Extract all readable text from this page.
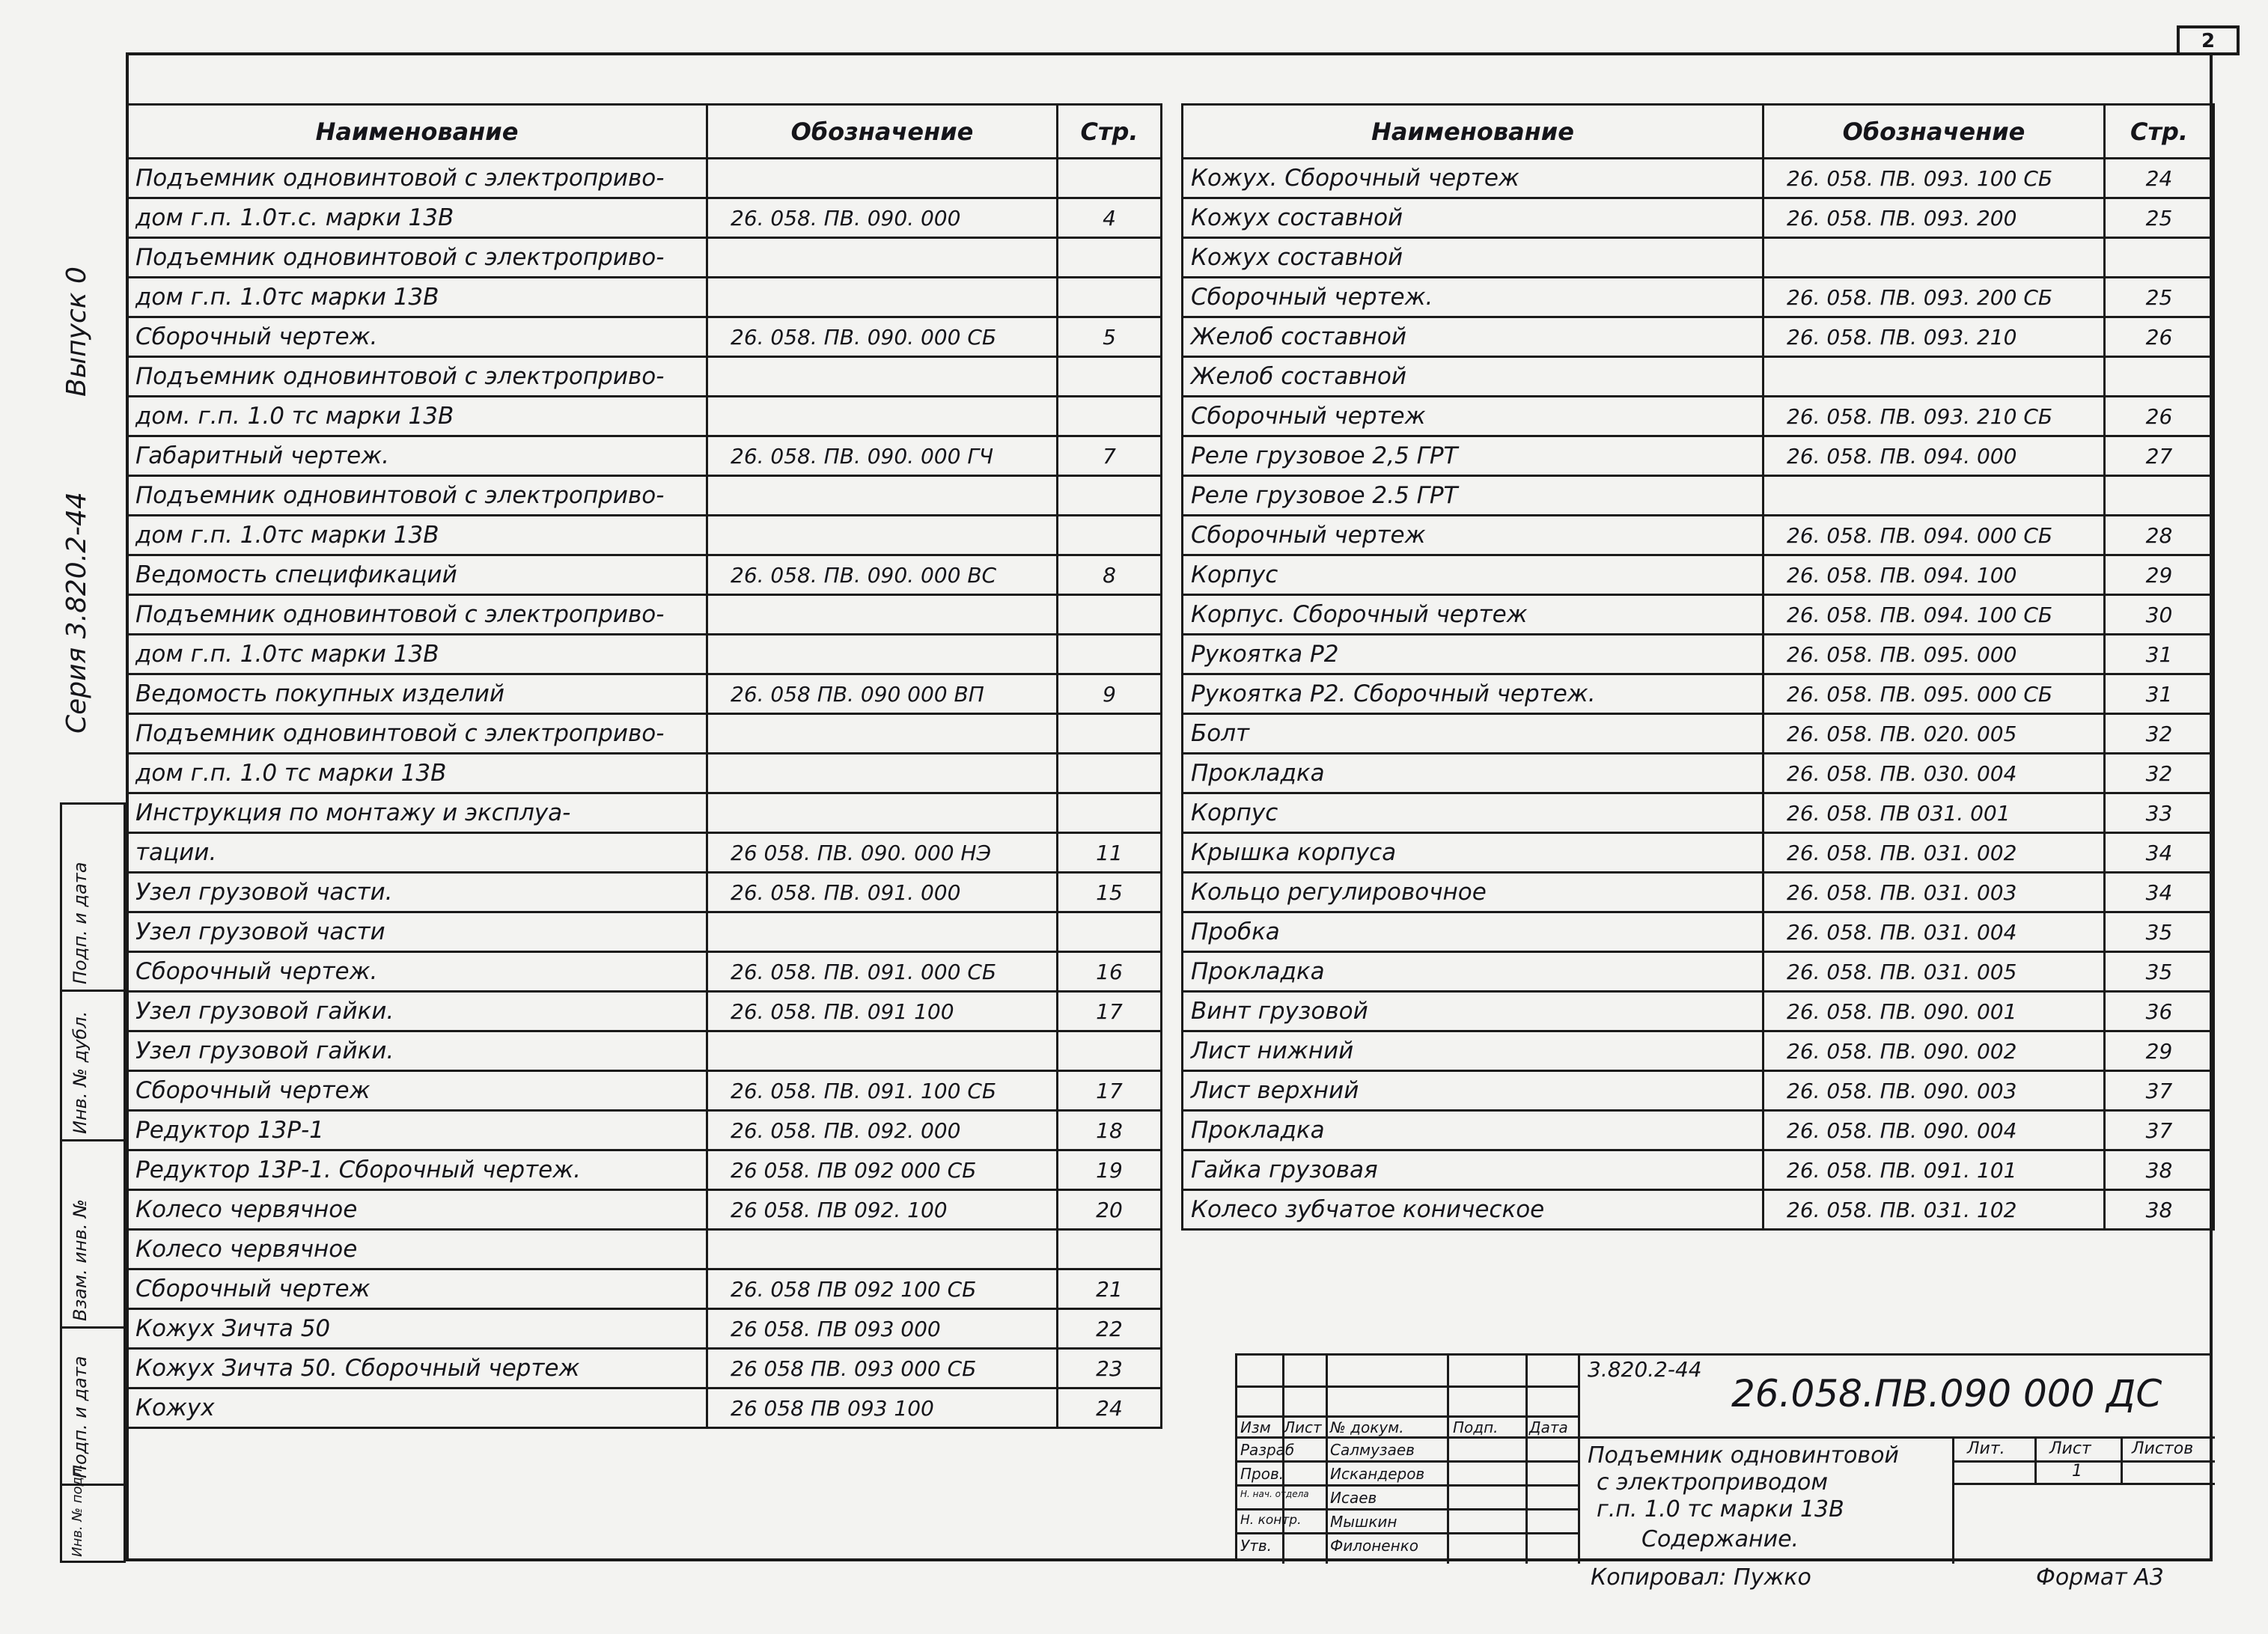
2
Серия 3.820.2-44
Выпуск 0
Подп. и дата
Инв. № дубл.
Взам. инв. №
Подп. и дата
Инв. № подл.
Наименование	Обозначение	Стр.
Подъемник одновинтовой с электроприво-		
дом г.п. 1.0т.с. марки 13В	26. 058. ПВ. 090. 000	4
Подъемник одновинтовой с электроприво-		
дом г.п. 1.0тс марки 13В		
Сборочный чертеж.	26. 058. ПВ. 090. 000 СБ	5
Подъемник одновинтовой с электроприво-		
дом. г.п. 1.0 тс марки 13В		
Габаритный чертеж.	26. 058. ПВ. 090. 000 ГЧ	7
Подъемник одновинтовой с электроприво-		
дом г.п. 1.0тс марки 13В		
Ведомость спецификаций	26. 058. ПВ. 090. 000 ВС	8
Подъемник одновинтовой с электроприво-		
дом г.п. 1.0тс марки 13В		
Ведомость покупных изделий	26. 058 ПВ. 090 000 ВП	9
Подъемник одновинтовой с электроприво-		
дом г.п. 1.0 тс марки 13В		
Инструкция по монтажу и эксплуа-		
тации.	26 058. ПВ. 090. 000 НЭ	11
Узел грузовой части.	26. 058. ПВ. 091. 000	15
Узел грузовой части		
Сборочный чертеж.	26. 058. ПВ. 091. 000 СБ	16
Узел грузовой гайки.	26. 058. ПВ. 091 100	17
Узел грузовой гайки.		
Сборочный чертеж	26. 058. ПВ. 091. 100 СБ	17
Редуктор 13Р-1	26. 058. ПВ. 092. 000	18
Редуктор 13Р-1. Сборочный чертеж.	26 058. ПВ 092 000 СБ	19
Колесо червячное	26 058. ПВ 092. 100	20
Колесо червячное		
Сборочный чертеж	26. 058 ПВ 092 100 СБ	21
Кожух Зичта 50	26 058. ПВ 093 000	22
Кожух Зичта 50. Сборочный чертеж	26 058 ПВ. 093 000 СБ	23
Кожух	26 058 ПВ 093 100	24
Наименование	Обозначение	Стр.
Кожух. Сборочный чертеж	26. 058. ПВ. 093. 100 СБ	24
Кожух составной	26. 058. ПВ. 093. 200	25
Кожух составной		
Сборочный чертеж.	26. 058. ПВ. 093. 200 СБ	25
Желоб составной	26. 058. ПВ. 093. 210	26
Желоб составной		
Сборочный чертеж	26. 058. ПВ. 093. 210 СБ	26
Реле грузовое 2,5 ГРТ	26. 058. ПВ. 094. 000	27
Реле грузовое 2.5 ГРТ		
Сборочный чертеж	26. 058. ПВ. 094. 000 СБ	28
Корпус	26. 058. ПВ. 094. 100	29
Корпус. Сборочный чертеж	26. 058. ПВ. 094. 100 СБ	30
Рукоятка Р2	26. 058. ПВ. 095. 000	31
Рукоятка Р2. Сборочный чертеж.	26. 058. ПВ. 095. 000 СБ	31
Болт	26. 058. ПВ. 020. 005	32
Прокладка	26. 058. ПВ. 030. 004	32
Корпус	26. 058. ПВ 031. 001	33
Крышка корпуса	26. 058. ПВ. 031. 002	34
Кольцо регулировочное	26. 058. ПВ. 031. 003	34
Пробка	26. 058. ПВ. 031. 004	35
Прокладка	26. 058. ПВ. 031. 005	35
Винт грузовой	26. 058. ПВ. 090. 001	36
Лист нижний	26. 058. ПВ. 090. 002	29
Лист верхний	26. 058. ПВ. 090. 003	37
Прокладка	26. 058. ПВ. 090. 004	37
Гайка грузовая	26. 058. ПВ. 091. 101	38
Колесо зубчатое коническое	26. 058. ПВ. 031. 102	38
3.820.2-44
26.058.ПВ.090 000 ДС
Изм Лист № докум.	Подп. Дата
Разраб Салмузаев
Пров.	Искандеров
Н. нач. отдела Исаев
Н. контр. Мышкин
Утв.	Филоненко
Подъемник одновинтовой
с электроприводом
г.п. 1.0 тс марки 13В
Содержание.
Лит.	Лист Листов
1
Копировал: Пужко	Формат А3
